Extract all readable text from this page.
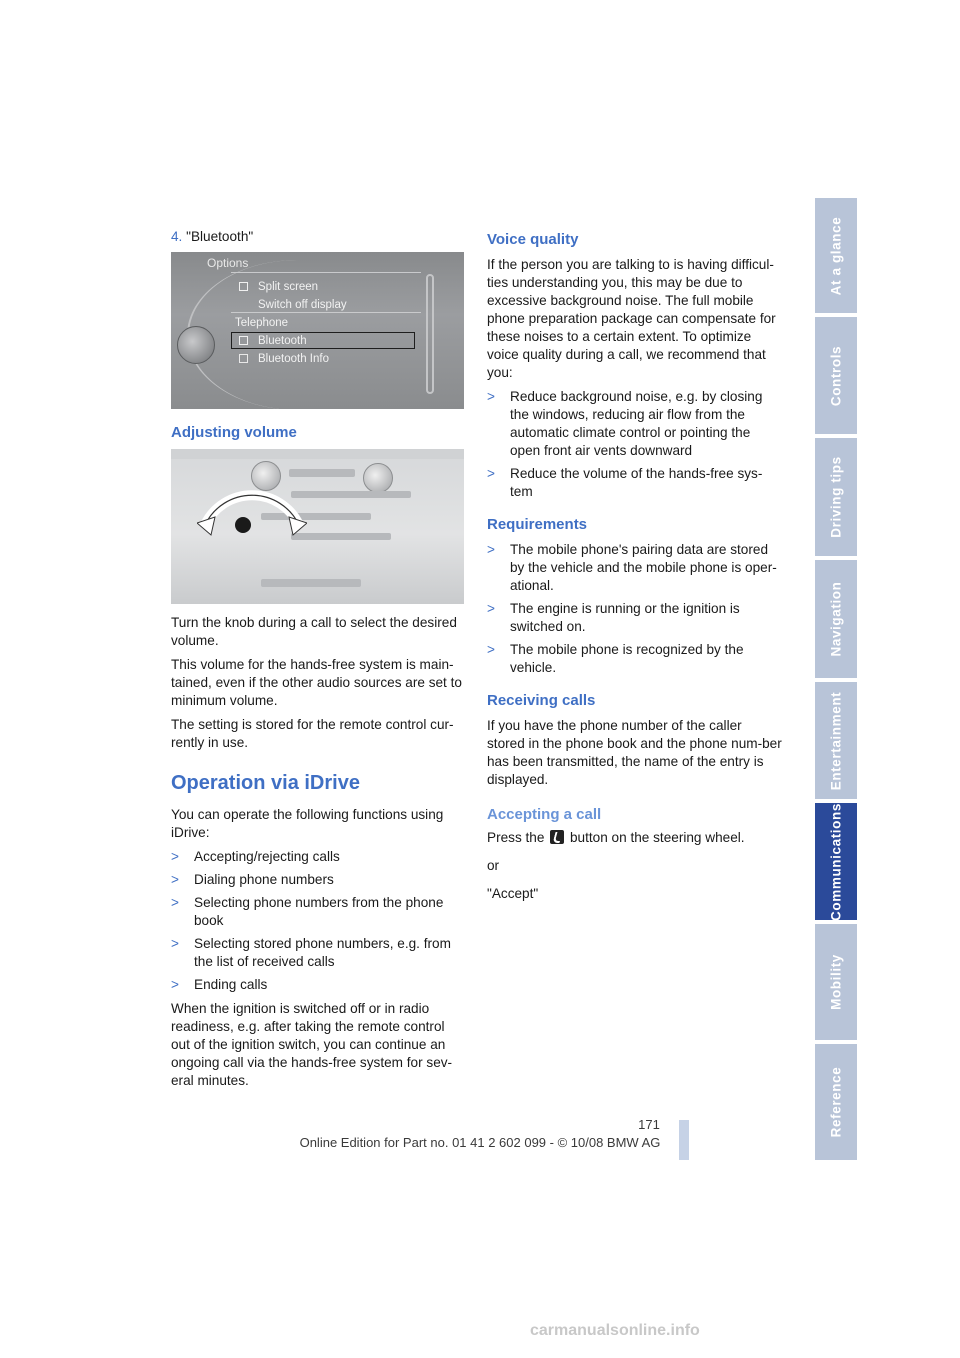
At a glance
Controls
Driving tips
Navigation
Entertainment
Communications
Mobility
Reference

4. "Bluetooth"

Options
Split screen
Switch off display
Telephone
Bluetooth
Bluetooth Info
Adjusting volume

Turn the knob during a call to select the desired volume.

This volume for the hands-free system is main-tained, even if the other audio sources are set to minimum volume.

The setting is stored for the remote control cur-rently in use.

Operation via iDrive

You can operate the following functions using iDrive:

> Accepting/rejecting calls
> Dialing phone numbers
> Selecting phone numbers from the phone book
> Selecting stored phone numbers, e.g. from the list of received calls
> Ending calls

When the ignition is switched off or in radio readiness, e.g. after taking the remote control out of the ignition switch, you can continue an ongoing call via the hands-free system for sev-eral minutes.

Voice quality

If the person you are talking to is having difficul-ties understanding you, this may be due to excessive background noise. The full mobile phone preparation package can compensate for these noises to a certain extent. To optimize voice quality during a call, we recommend that you:

> Reduce background noise, e.g. by closing the windows, reducing air flow from the automatic climate control or pointing the open front air vents downward
> Reduce the volume of the hands-free sys-tem
Requirements
> The mobile phone's pairing data are stored by the vehicle and the mobile phone is oper-ational.
> The engine is running or the ignition is switched on.
> The mobile phone is recognized by the vehicle.
Receiving calls

If you have the phone number of the caller stored in the phone book and the phone num-ber has been transmitted, the name of the entry is displayed.

Accepting a call

Press the button on the steering wheel.

or

"Accept"

171
Online Edition for Part no. 01 41 2 602 099 - © 10/08 BMW AG
carmanualsonline.info
